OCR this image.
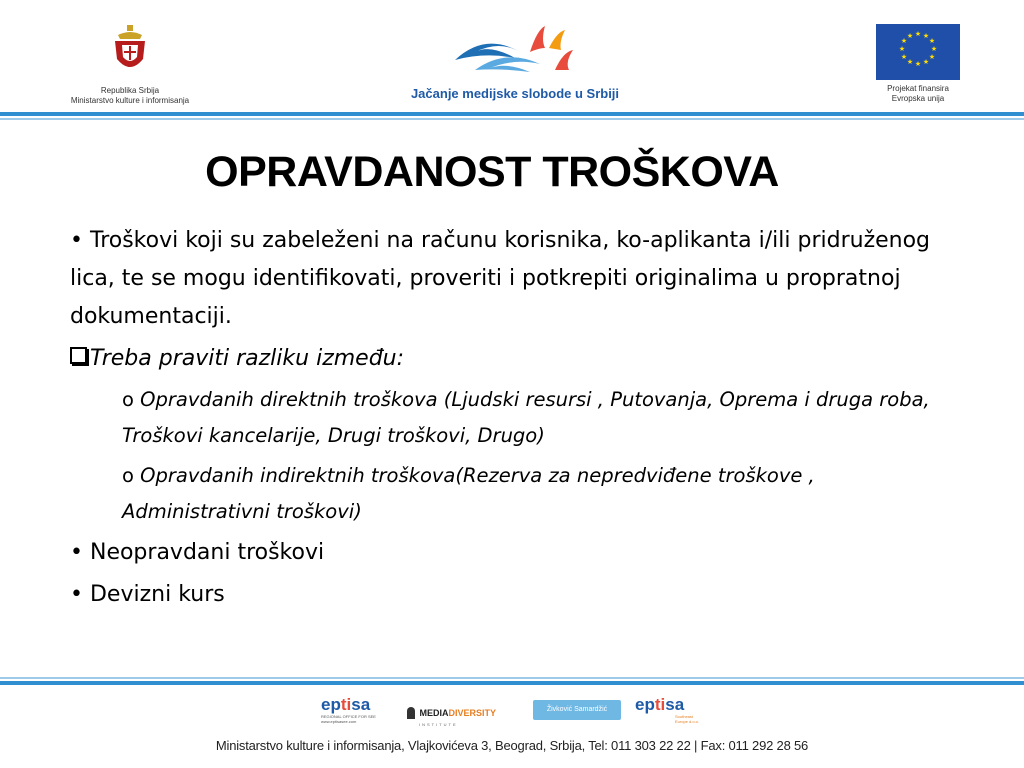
Republika Srbija
Ministarstvo kulture i informisanja	Jačanje medijske slobode u Srbiji
★ ★
★
★
★
★
★
★
★
★
★
★
Projekat finansira
Evropska unija
OPRAVDANOST TROŠKOVA

• Troškovi koji su zabeleženi na računu korisnika, ko-aplikanta i/ili pridruženog lica, te se mogu identifikovati, proveriti i potkrepiti originalima u propratnoj dokumentaciji.

Treba praviti razliku između:

o Opravdanih direktnih troškova (Ljudski resursi , Putovanja, Oprema i druga roba, Troškovi kancelarije, Drugi troškovi, Drugo)

o Opravdanih indirektnih troškova(Rezerva za nepredviđene troškove , Administrativni troškovi)

• Neopravdani troškovi

• Devizni kurs

eptisa
REGIONAL OFFICE FOR SEE
www.eptisasee.com
MEDIADIVERSITY
INSTITUTE
Živković Samardžić	eptisa
Southeast
Europe d.o.o.
Ministarstvo kulture i informisanja, Vlajkovićeva 3, Beograd, Srbija, Tel: 011 303 22 22 | Fax: 011 292 28 56
